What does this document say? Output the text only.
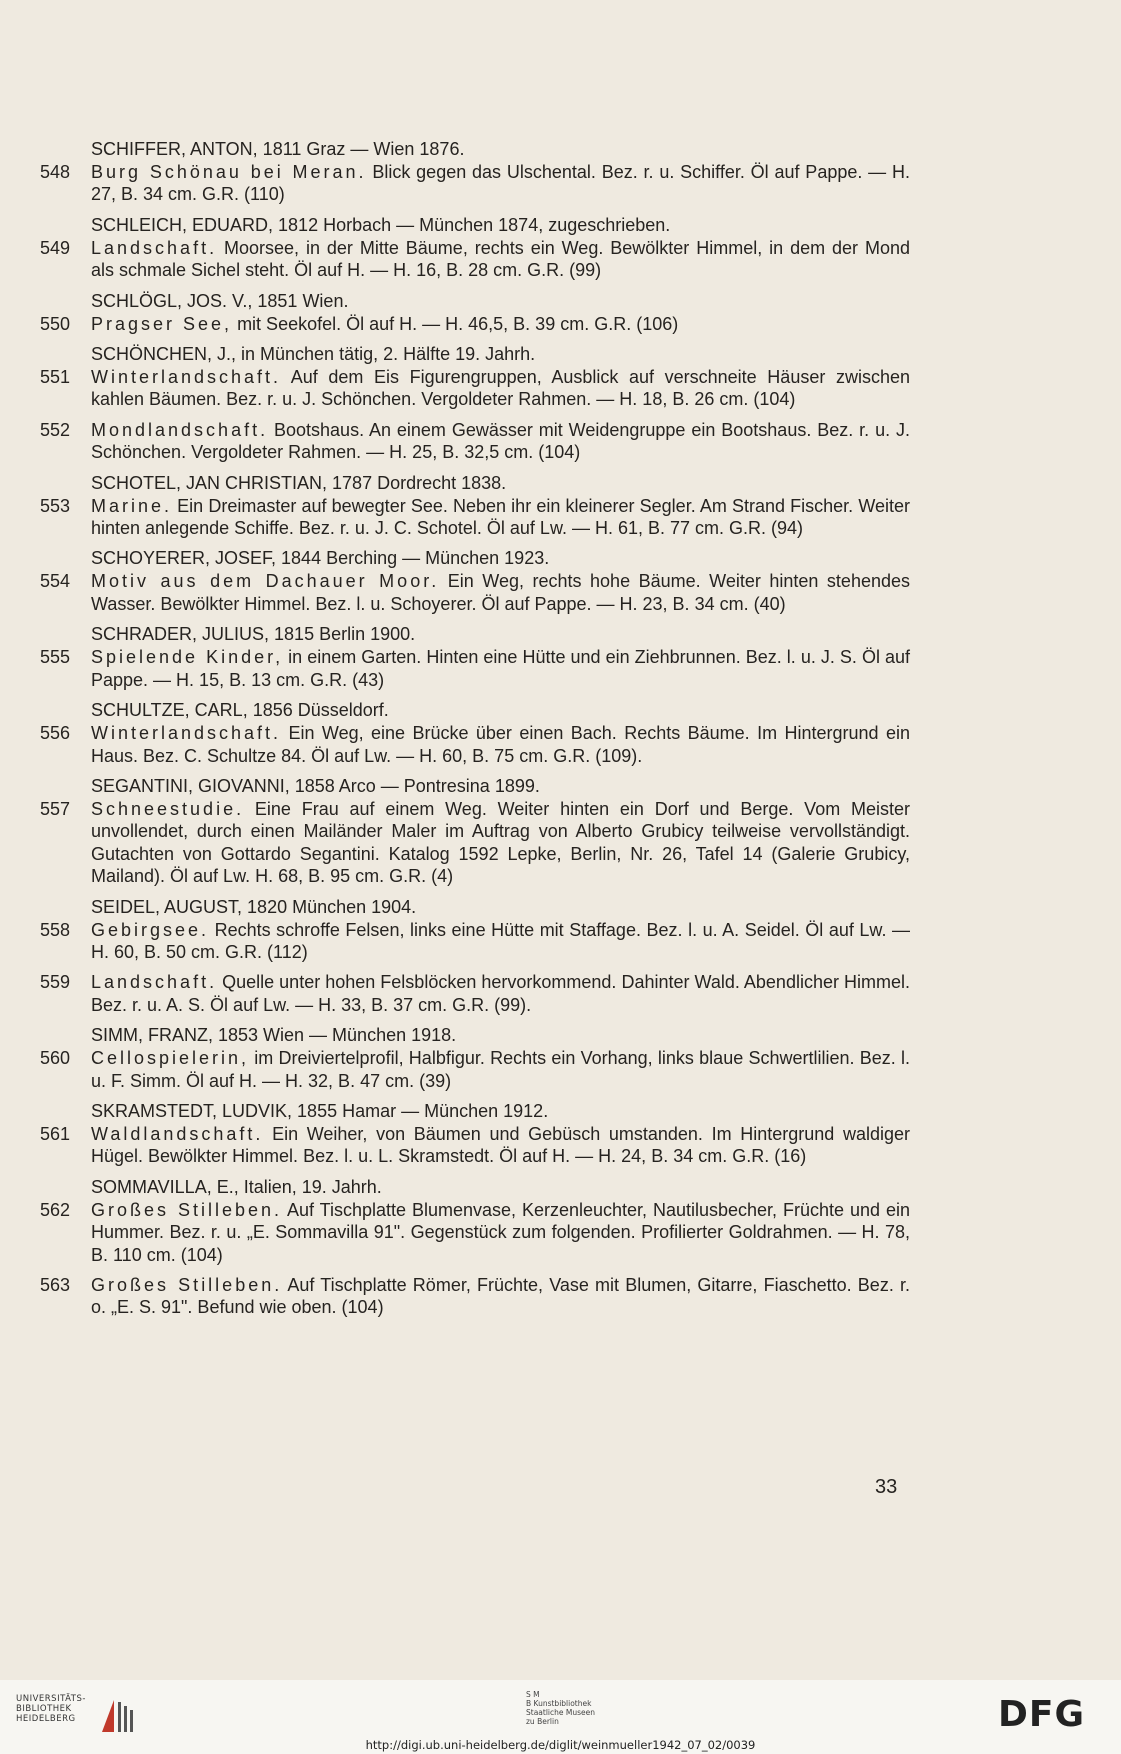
SCHIFFER, ANTON, 1811 Graz — Wien 1876.
548	Burg Schönau bei Meran. Blick gegen das Ulschental. Bez. r. u. Schiffer. Öl auf Pappe. — H. 27, B. 34 cm. G.R. (110)
SCHLEICH, EDUARD, 1812 Horbach — München 1874, zugeschrieben.
549	Landschaft. Moorsee, in der Mitte Bäume, rechts ein Weg. Bewölkter Himmel, in dem der Mond als schmale Sichel steht. Öl auf H. — H. 16, B. 28 cm. G.R. (99)
SCHLÖGL, JOS. V., 1851 Wien.
550	Pragser See, mit Seekofel. Öl auf H. — H. 46,5, B. 39 cm. G.R. (106)
SCHÖNCHEN, J., in München tätig, 2. Hälfte 19. Jahrh.
551	Winterlandschaft. Auf dem Eis Figurengruppen, Ausblick auf verschneite Häuser zwischen kahlen Bäumen. Bez. r. u. J. Schönchen. Vergoldeter Rahmen. — H. 18, B. 26 cm. (104)
552	Mondlandschaft. Bootshaus. An einem Gewässer mit Weidengruppe ein Bootshaus. Bez. r. u. J. Schönchen. Vergoldeter Rahmen. — H. 25, B. 32,5 cm. (104)
SCHOTEL, JAN CHRISTIAN, 1787 Dordrecht 1838.
553	Marine. Ein Dreimaster auf bewegter See. Neben ihr ein kleinerer Segler. Am Strand Fischer. Weiter hinten anlegende Schiffe. Bez. r. u. J. C. Schotel. Öl auf Lw. — H. 61, B. 77 cm. G.R. (94)
SCHOYERER, JOSEF, 1844 Berching — München 1923.
554	Motiv aus dem Dachauer Moor. Ein Weg, rechts hohe Bäume. Weiter hinten stehendes Wasser. Bewölkter Himmel. Bez. l. u. Schoyerer. Öl auf Pappe. — H. 23, B. 34 cm. (40)
SCHRADER, JULIUS, 1815 Berlin 1900.
555	Spielende Kinder, in einem Garten. Hinten eine Hütte und ein Ziehbrunnen. Bez. l. u. J. S. Öl auf Pappe. — H. 15, B. 13 cm. G.R. (43)
SCHULTZE, CARL, 1856 Düsseldorf.
556	Winterlandschaft. Ein Weg, eine Brücke über einen Bach. Rechts Bäume. Im Hintergrund ein Haus. Bez. C. Schultze 84. Öl auf Lw. — H. 60, B. 75 cm. G.R. (109).
SEGANTINI, GIOVANNI, 1858 Arco — Pontresina 1899.
557	Schneestudie. Eine Frau auf einem Weg. Weiter hinten ein Dorf und Berge. Vom Meister unvollendet, durch einen Mailänder Maler im Auftrag von Alberto Grubicy teilweise vervollständigt. Gutachten von Gottardo Segantini. Katalog 1592 Lepke, Berlin, Nr. 26, Tafel 14 (Galerie Grubicy, Mailand). Öl auf Lw. H. 68, B. 95 cm. G.R. (4)
SEIDEL, AUGUST, 1820 München 1904.
558	Gebirgsee. Rechts schroffe Felsen, links eine Hütte mit Staffage. Bez. l. u. A. Seidel. Öl auf Lw. — H. 60, B. 50 cm. G.R. (112)
559	Landschaft. Quelle unter hohen Felsblöcken hervorkommend. Dahinter Wald. Abendlicher Himmel. Bez. r. u. A. S. Öl auf Lw. — H. 33, B. 37 cm. G.R. (99).
SIMM, FRANZ, 1853 Wien — München 1918.
560	Cellospielerin, im Dreiviertelprofil, Halbfigur. Rechts ein Vorhang, links blaue Schwertlilien. Bez. l. u. F. Simm. Öl auf H. — H. 32, B. 47 cm. (39)
SKRAMSTEDT, LUDVIK, 1855 Hamar — München 1912.
561	Waldlandschaft. Ein Weiher, von Bäumen und Gebüsch umstanden. Im Hintergrund waldiger Hügel. Bewölkter Himmel. Bez. l. u. L. Skramstedt. Öl auf H. — H. 24, B. 34 cm. G.R. (16)
SOMMAVILLA, E., Italien, 19. Jahrh.
562	Großes Stilleben. Auf Tischplatte Blumenvase, Kerzenleuchter, Nautilusbecher, Früchte und ein Hummer. Bez. r. u. „E. Sommavilla 91". Gegenstück zum folgenden. Profilierter Goldrahmen. — H. 78, B. 110 cm. (104)
563	Großes Stilleben. Auf Tischplatte Römer, Früchte, Vase mit Blumen, Gitarre, Fiaschetto. Bez. r. o. „E. S. 91". Befund wie oben. (104)
33
UNIVERSITÄTS-
BIBLIOTHEK
HEIDELBERG
S M
B Kunstbibliothek
Staatliche Museen
zu Berlin	DFG
http://digi.ub.uni-heidelberg.de/diglit/weinmueller1942_07_02/0039
